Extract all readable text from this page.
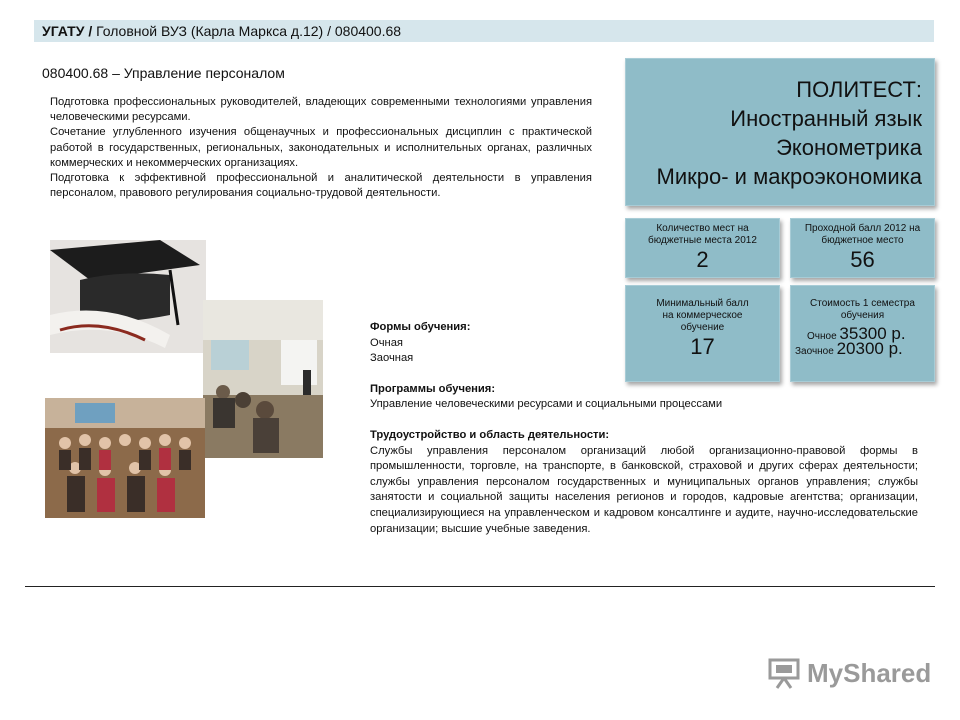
УГАТУ / Головной ВУЗ (Карла Маркса д.12) / 080400.68
080400.68 – Управление персоналом

Подготовка профессиональных руководителей, владеющих современными технологиями управления человеческими ресурсами.

Сочетание углубленного изучения общенаучных и профессиональных дисциплин с практической работой в государственных, региональных, законодательных и исполнительных органах, различных коммерческих и некоммерческих организациях.

Подготовка к эффективной профессиональной и аналитической деятельности в управления персоналом, правового регулирования социально-трудовой деятельности.

Формы обучения:

Очная

Заочная

Программы обучения:

Управление человеческими ресурсами и социальными процессами

Трудоустройство и область деятельности:

Службы управления персоналом организаций любой организационно-правовой формы в промышленности, торговле, на транспорте, в банковской, страховой и других сферах деятельности; службы управления персоналом государственных и муниципальных органов управления; службы занятости и социальной защиты населения регионов и городов, кадровые агентства; организации, специализирующиеся на управленческом и кадровом консалтинге и аудите, научно-исследовательские организации; высшие учебные заведения.

ПОЛИТЕСТ:
Иностранный язык
Эконометрика
Микро- и макроэкономика
Количество мест на бюджетные места 2012
2
Проходной балл 2012 на бюджетное место
56
Минимальный балл на коммерческое обучение
17
Стоимость 1 семестра обучения
Очное 35300 р.
Заочное 20300 р.
MyShared
